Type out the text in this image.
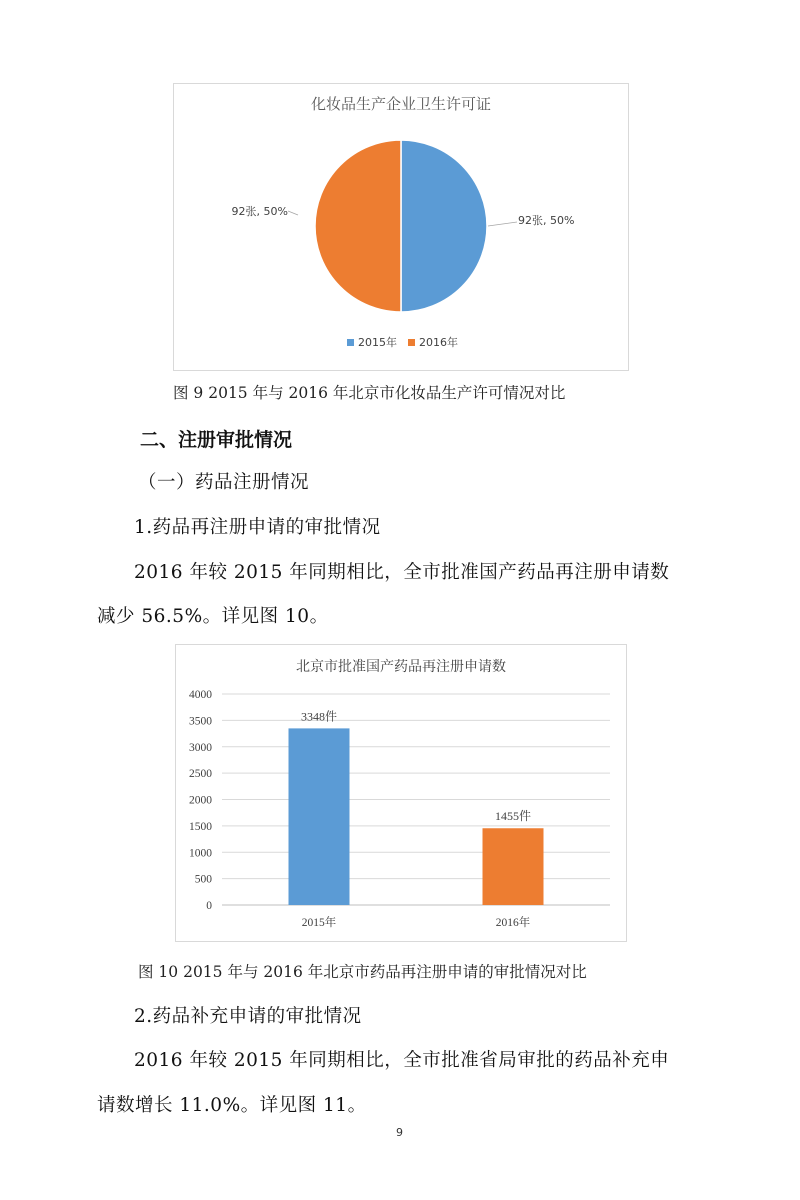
化妆品生产企业卫生许可证
92张, 50%
92张, 50%
2015年 2016年
图 9 2015 年与 2016 年北京市化妆品生产许可情况对比
二、注册审批情况
（一）药品注册情况
1.药品再注册申请的审批情况
2016 年较 2015 年同期相比，全市批准国产药品再注册申请数
减少 56.5%。详见图 10。
北京市批准国产药品再注册申请数
0
500
1000
1500
2000
2500
3000
3500
4000
3348件
2015年
1455件
2016年
图 10 2015 年与 2016 年北京市药品再注册申请的审批情况对比
2.药品补充申请的审批情况
2016 年较 2015 年同期相比，全市批准省局审批的药品补充申
请数增长 11.0%。详见图 11。
9
